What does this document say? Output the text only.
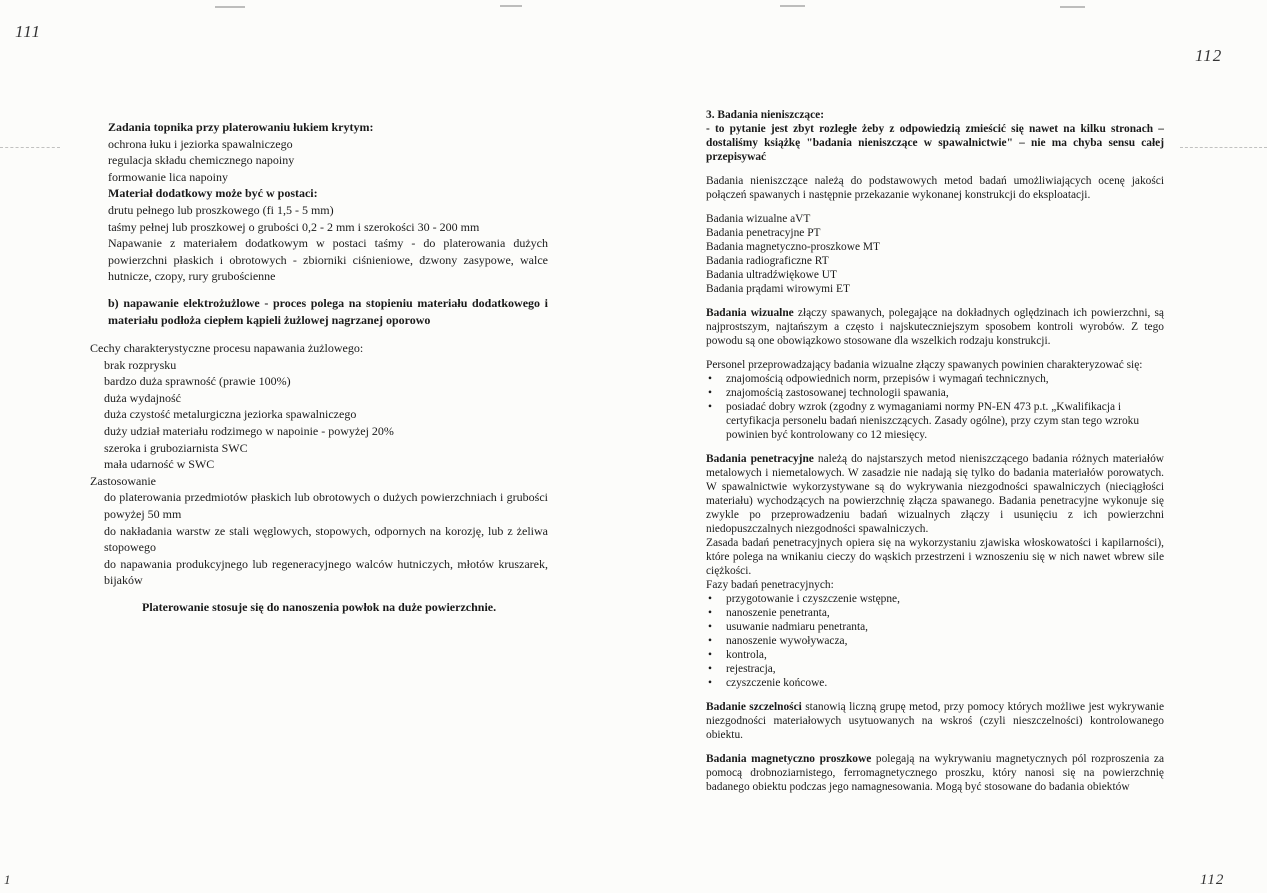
111

Zadania topnika przy platerowaniu łukiem krytym:

ochrona łuku i jeziorka spawalniczego

regulacja składu chemicznego napoiny

formowanie lica napoiny

Materiał dodatkowy może być w postaci:

drutu pełnego lub proszkowego (fi 1,5 - 5 mm)

taśmy pełnej lub proszkowej o grubości 0,2 - 2 mm i szerokości 30 - 200 mm

Napawanie z materiałem dodatkowym w postaci taśmy - do platerowania dużych powierzchni płaskich i obrotowych - zbiorniki ciśnieniowe, dzwony zasypowe, walce hutnicze, czopy, rury grubościenne

b) napawanie elektrożużlowe - proces polega na stopieniu materiału dodatkowego i materiału podłoża ciepłem kąpieli żużlowej nagrzanej oporowo

Cechy charakterystyczne procesu napawania żużlowego:

brak rozprysku

bardzo duża sprawność (prawie 100%)

duża wydajność

duża czystość metalurgiczna jeziorka spawalniczego

duży udział materiału rodzimego w napoinie - powyżej 20%

szeroka i gruboziarnista SWC

mała udarność w SWC

Zastosowanie

do platerowania przedmiotów płaskich lub obrotowych o dużych powierzchniach i grubości powyżej 50 mm

do nakładania warstw ze stali węglowych, stopowych, odpornych na korozję, lub z żeliwa stopowego

do napawania produkcyjnego lub regeneracyjnego walców hutniczych, młotów kruszarek, bijaków

Platerowanie stosuje się do nanoszenia powłok na duże powierzchnie.

1
112

3. Badania nieniszczące:

- to pytanie jest zbyt rozległe żeby z odpowiedzią zmieścić się nawet na kilku stronach – dostaliśmy książkę "badania nieniszczące w spawalnictwie" – nie ma chyba sensu całej przepisywać

Badania nieniszczące należą do podstawowych metod badań umożliwiających ocenę jakości połączeń spawanych i następnie przekazanie wykonanej konstrukcji do eksploatacji.

Badania wizualne aVT

Badania penetracyjne PT

Badania magnetyczno-proszkowe MT

Badania radiograficzne RT

Badania ultradźwiękowe UT

Badania prądami wirowymi ET

Badania wizualne złączy spawanych, polegające na dokładnych oględzinach ich powierzchni, są najprostszym, najtańszym a często i najskuteczniejszym sposobem kontroli wyrobów. Z tego powodu są one obowiązkowo stosowane dla wszelkich rodzaju konstrukcji.

Personel przeprowadzający badania wizualne złączy spawanych powinien charakteryzować się:

• znajomością odpowiednich norm, przepisów i wymagań technicznych,
• znajomością zastosowanej technologii spawania,
• posiadać dobry wzrok (zgodny z wymaganiami normy PN-EN 473 p.t. „Kwalifikacja i certyfikacja personelu badań nieniszczących. Zasady ogólne), przy czym stan tego wzroku powinien być kontrolowany co 12 miesięcy.

Badania penetracyjne należą do najstarszych metod nieniszczącego badania różnych materiałów metalowych i niemetalowych. W zasadzie nie nadają się tylko do badania materiałów porowatych. W spawalnictwie wykorzystywane są do wykrywania niezgodności spawalniczych (nieciągłości materiału) wychodzących na powierzchnię złącza spawanego. Badania penetracyjne wykonuje się zwykle po przeprowadzeniu badań wizualnych złączy i usunięciu z ich powierzchni niedopuszczalnych niezgodności spawalniczych.

Zasada badań penetracyjnych opiera się na wykorzystaniu zjawiska włoskowatości i kapilarności), które polega na wnikaniu cieczy do wąskich przestrzeni i wznoszeniu się w nich nawet wbrew sile ciężkości.

Fazy badań penetracyjnych:

• przygotowanie i czyszczenie wstępne,
• nanoszenie penetranta,
• usuwanie nadmiaru penetranta,
• nanoszenie wywoływacza,
• kontrola,
• rejestracja,
• czyszczenie końcowe.

Badanie szczelności stanowią liczną grupę metod, przy pomocy których możliwe jest wykrywanie niezgodności materiałowych usytuowanych na wskroś (czyli nieszczelności) kontrolowanego obiektu.

Badania magnetyczno proszkowe polegają na wykrywaniu magnetycznych pól rozproszenia za pomocą drobnoziarnistego, ferromagnetycznego proszku, który nanosi się na powierzchnię badanego obiektu podczas jego namagnesowania. Mogą być stosowane do badania obiektów

112
